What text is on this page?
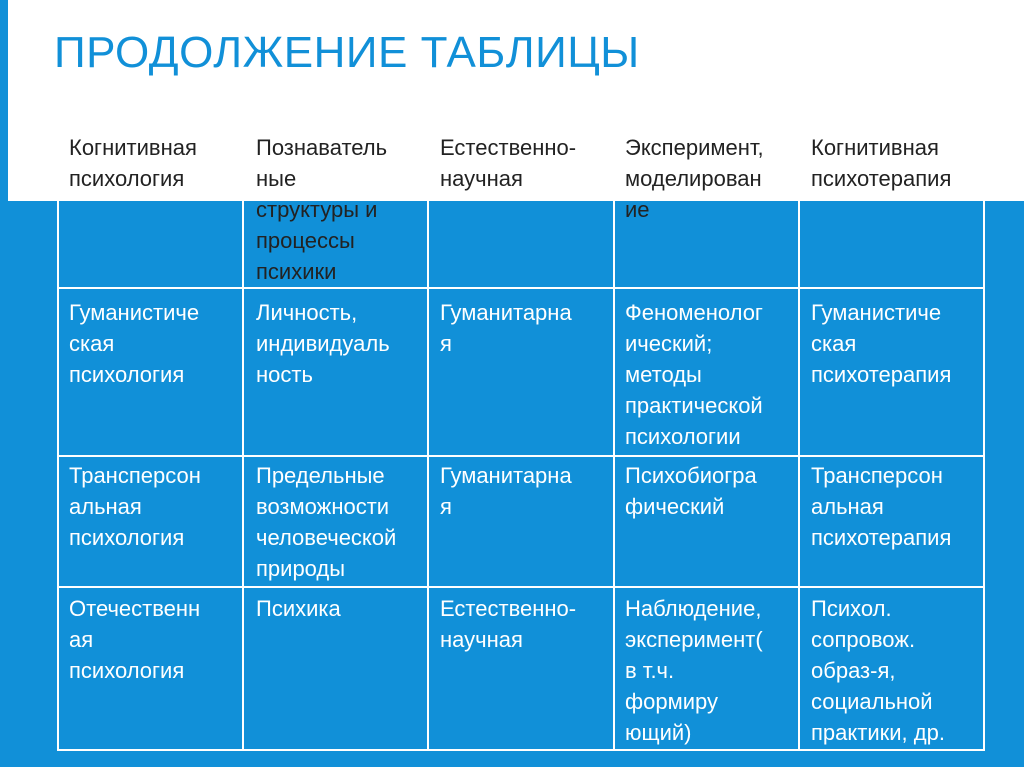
ПРОДОЛЖЕНИЕ ТАБЛИЦЫ
Когнитивная
психология
Познаватель
ные
структуры и
процессы
психики
Естественно-
научная
Эксперимент,
моделирован
ие
Когнитивная
психотерапия
Гуманистиче
ская
психология
Личность,
индивидуаль
ность
Гуманитарна
я
Феноменолог
ический;
методы
практической
психологии
Гуманистиче
ская
психотерапия
Трансперсон
альная
психология
Предельные
возможности
человеческой
природы
Гуманитарна
я
Психобиогра
фический
Трансперсон
альная
психотерапия
Отечественн
ая
психология
Психика	Естественно-
научная
Наблюдение,
эксперимент(
в т.ч.
формиру
ющий)
Психол.
сопровож.
образ-я,
социальной
практики, др.
